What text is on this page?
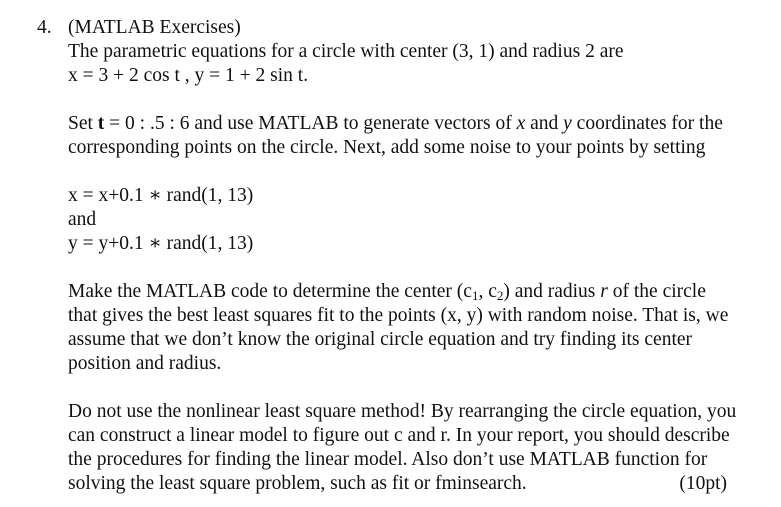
4. (MATLAB Exercises)
The parametric equations for a circle with center (3, 1) and radius 2 are
x = 3 + 2 cos t , y = 1 + 2 sin t.
Set t = 0 : .5 : 6 and use MATLAB to generate vectors of x and y coordinates for the
corresponding points on the circle. Next, add some noise to your points by setting
x = x+0.1 ∗ rand(1, 13)
and
y = y+0.1 ∗ rand(1, 13)
Make the MATLAB code to determine the center (c1, c2) and radius r of the circle
that gives the best least squares fit to the points (x, y) with random noise. That is, we
assume that we don’t know the original circle equation and try finding its center
position and radius.
Do not use the nonlinear least square method! By rearranging the circle equation, you
can construct a linear model to figure out c and r. In your report, you should describe
the procedures for finding the linear model. Also don’t use MATLAB function for
solving the least square problem, such as fit or fminsearch.	(10pt)
